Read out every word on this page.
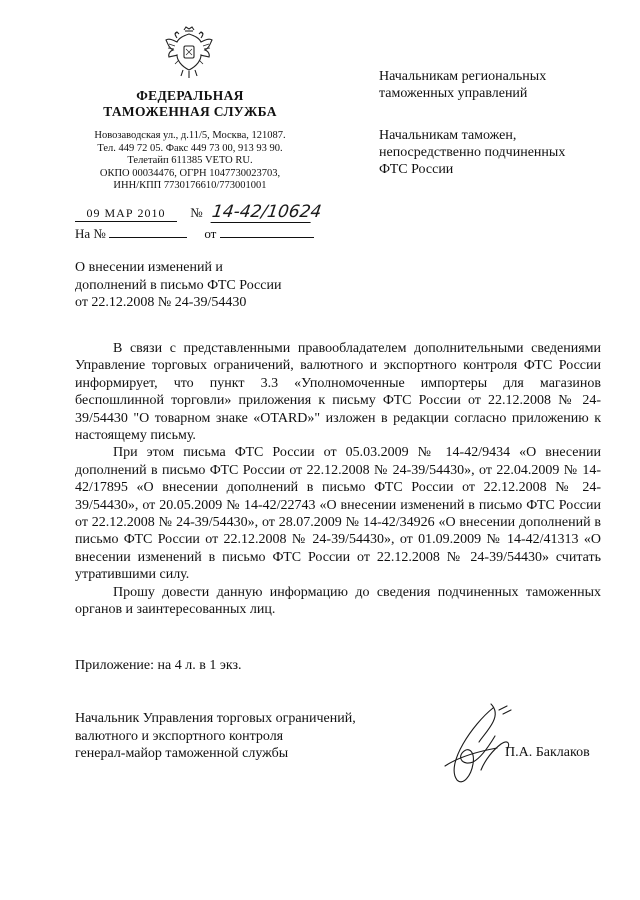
ФЕДЕРАЛЬНАЯ
ТАМОЖЕННАЯ СЛУЖБА
Новозаводская ул., д.11/5, Москва, 121087.
Тел. 449 72 05. Факс 449 73 00, 913 93 90.
Телетайп 611385 VETO RU.
ОКПО 00034476, ОГРН 1047730023703,
ИНН/КПП 7730176610/773001001
09 МАР 2010 № 14-42/10624
На №	от
Начальникам региональных
таможенных управлений
Начальникам таможен,
непосредственно подчиненных
ФТС России
О внесении изменений и
дополнений в письмо ФТС России
от 22.12.2008 № 24-39/54430

В связи с представленными правообладателем дополнительными сведениями Управление торговых ограничений, валютного и экспортного контроля ФТС России информирует, что пункт 3.3 «Уполномоченные импортеры для магазинов беспошлинной торговли» приложения к письму ФТС России от 22.12.2008 № 24-39/54430 "О товарном знаке «OTARD»" изложен в редакции согласно приложению к настоящему письму.

При этом письма ФТС России от 05.03.2009 № 14-42/9434 «О внесении дополнений в письмо ФТС России от 22.12.2008 № 24-39/54430», от 22.04.2009 № 14-42/17895 «О внесении дополнений в письмо ФТС России от 22.12.2008 № 24-39/54430», от 20.05.2009 № 14-42/22743 «О внесении изменений в письмо ФТС России от 22.12.2008 № 24-39/54430», от 28.07.2009 № 14-42/34926 «О внесении дополнений в письмо ФТС России от 22.12.2008 № 24-39/54430», от 01.09.2009 № 14-42/41313 «О внесении изменений в письмо ФТС России от 22.12.2008 № 24-39/54430» считать утратившими силу.

Прошу довести данную информацию до сведения подчиненных таможенных органов и заинтересованных лиц.

Приложение: на 4 л. в 1 экз.
Начальник Управления торговых ограничений,
валютного и экспортного контроля
генерал-майор таможенной службы	П.А. Баклаков
